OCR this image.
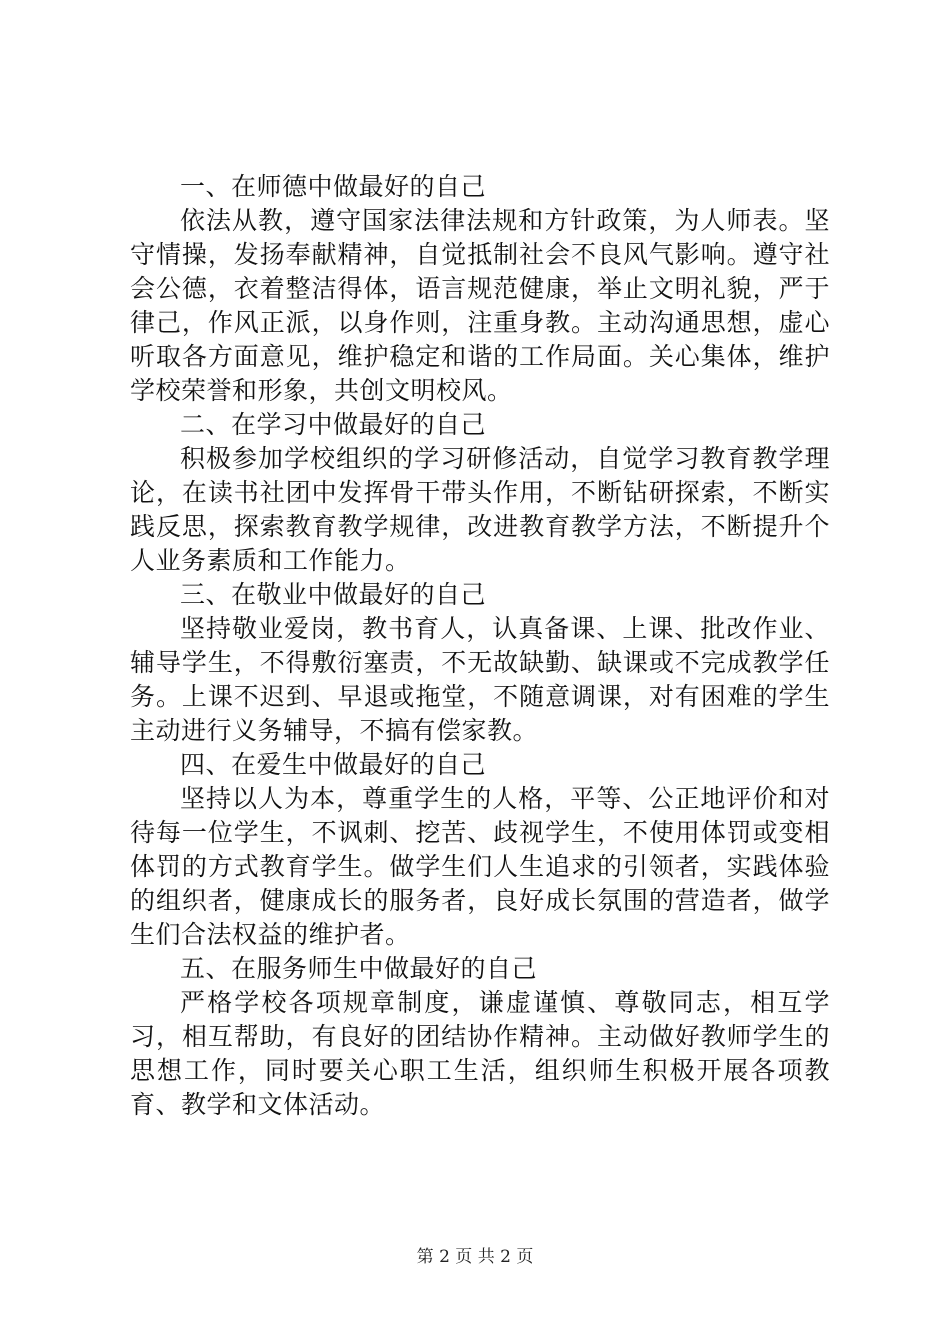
一、在师德中做最好的自己

依法从教，遵守国家法律法规和方针政策，为人师表。坚守情操，发扬奉献精神，自觉抵制社会不良风气影响。遵守社会公德，衣着整洁得体，语言规范健康，举止文明礼貌，严于律己，作风正派，以身作则，注重身教。主动沟通思想，虚心听取各方面意见，维护稳定和谐的工作局面。关心集体，维护学校荣誉和形象，共创文明校风。

二、在学习中做最好的自己

积极参加学校组织的学习研修活动，自觉学习教育教学理论，在读书社团中发挥骨干带头作用，不断钻研探索，不断实践反思，探索教育教学规律，改进教育教学方法，不断提升个人业务素质和工作能力。

三、在敬业中做最好的自己

坚持敬业爱岗，教书育人，认真备课、上课、批改作业、辅导学生，不得敷衍塞责，不无故缺勤、缺课或不完成教学任务。上课不迟到、早退或拖堂，不随意调课，对有困难的学生主动进行义务辅导，不搞有偿家教。

四、在爱生中做最好的自己

坚持以人为本，尊重学生的人格，平等、公正地评价和对待每一位学生，不讽刺、挖苦、歧视学生，不使用体罚或变相体罚的方式教育学生。做学生们人生追求的引领者，实践体验的组织者，健康成长的服务者，良好成长氛围的营造者，做学生们合法权益的维护者。

五、在服务师生中做最好的自己

严格学校各项规章制度，谦虚谨慎、尊敬同志，相互学习，相互帮助，有良好的团结协作精神。主动做好教师学生的思想工作，同时要关心职工生活，组织师生积极开展各项教育、教学和文体活动。

第 2 页 共 2 页
